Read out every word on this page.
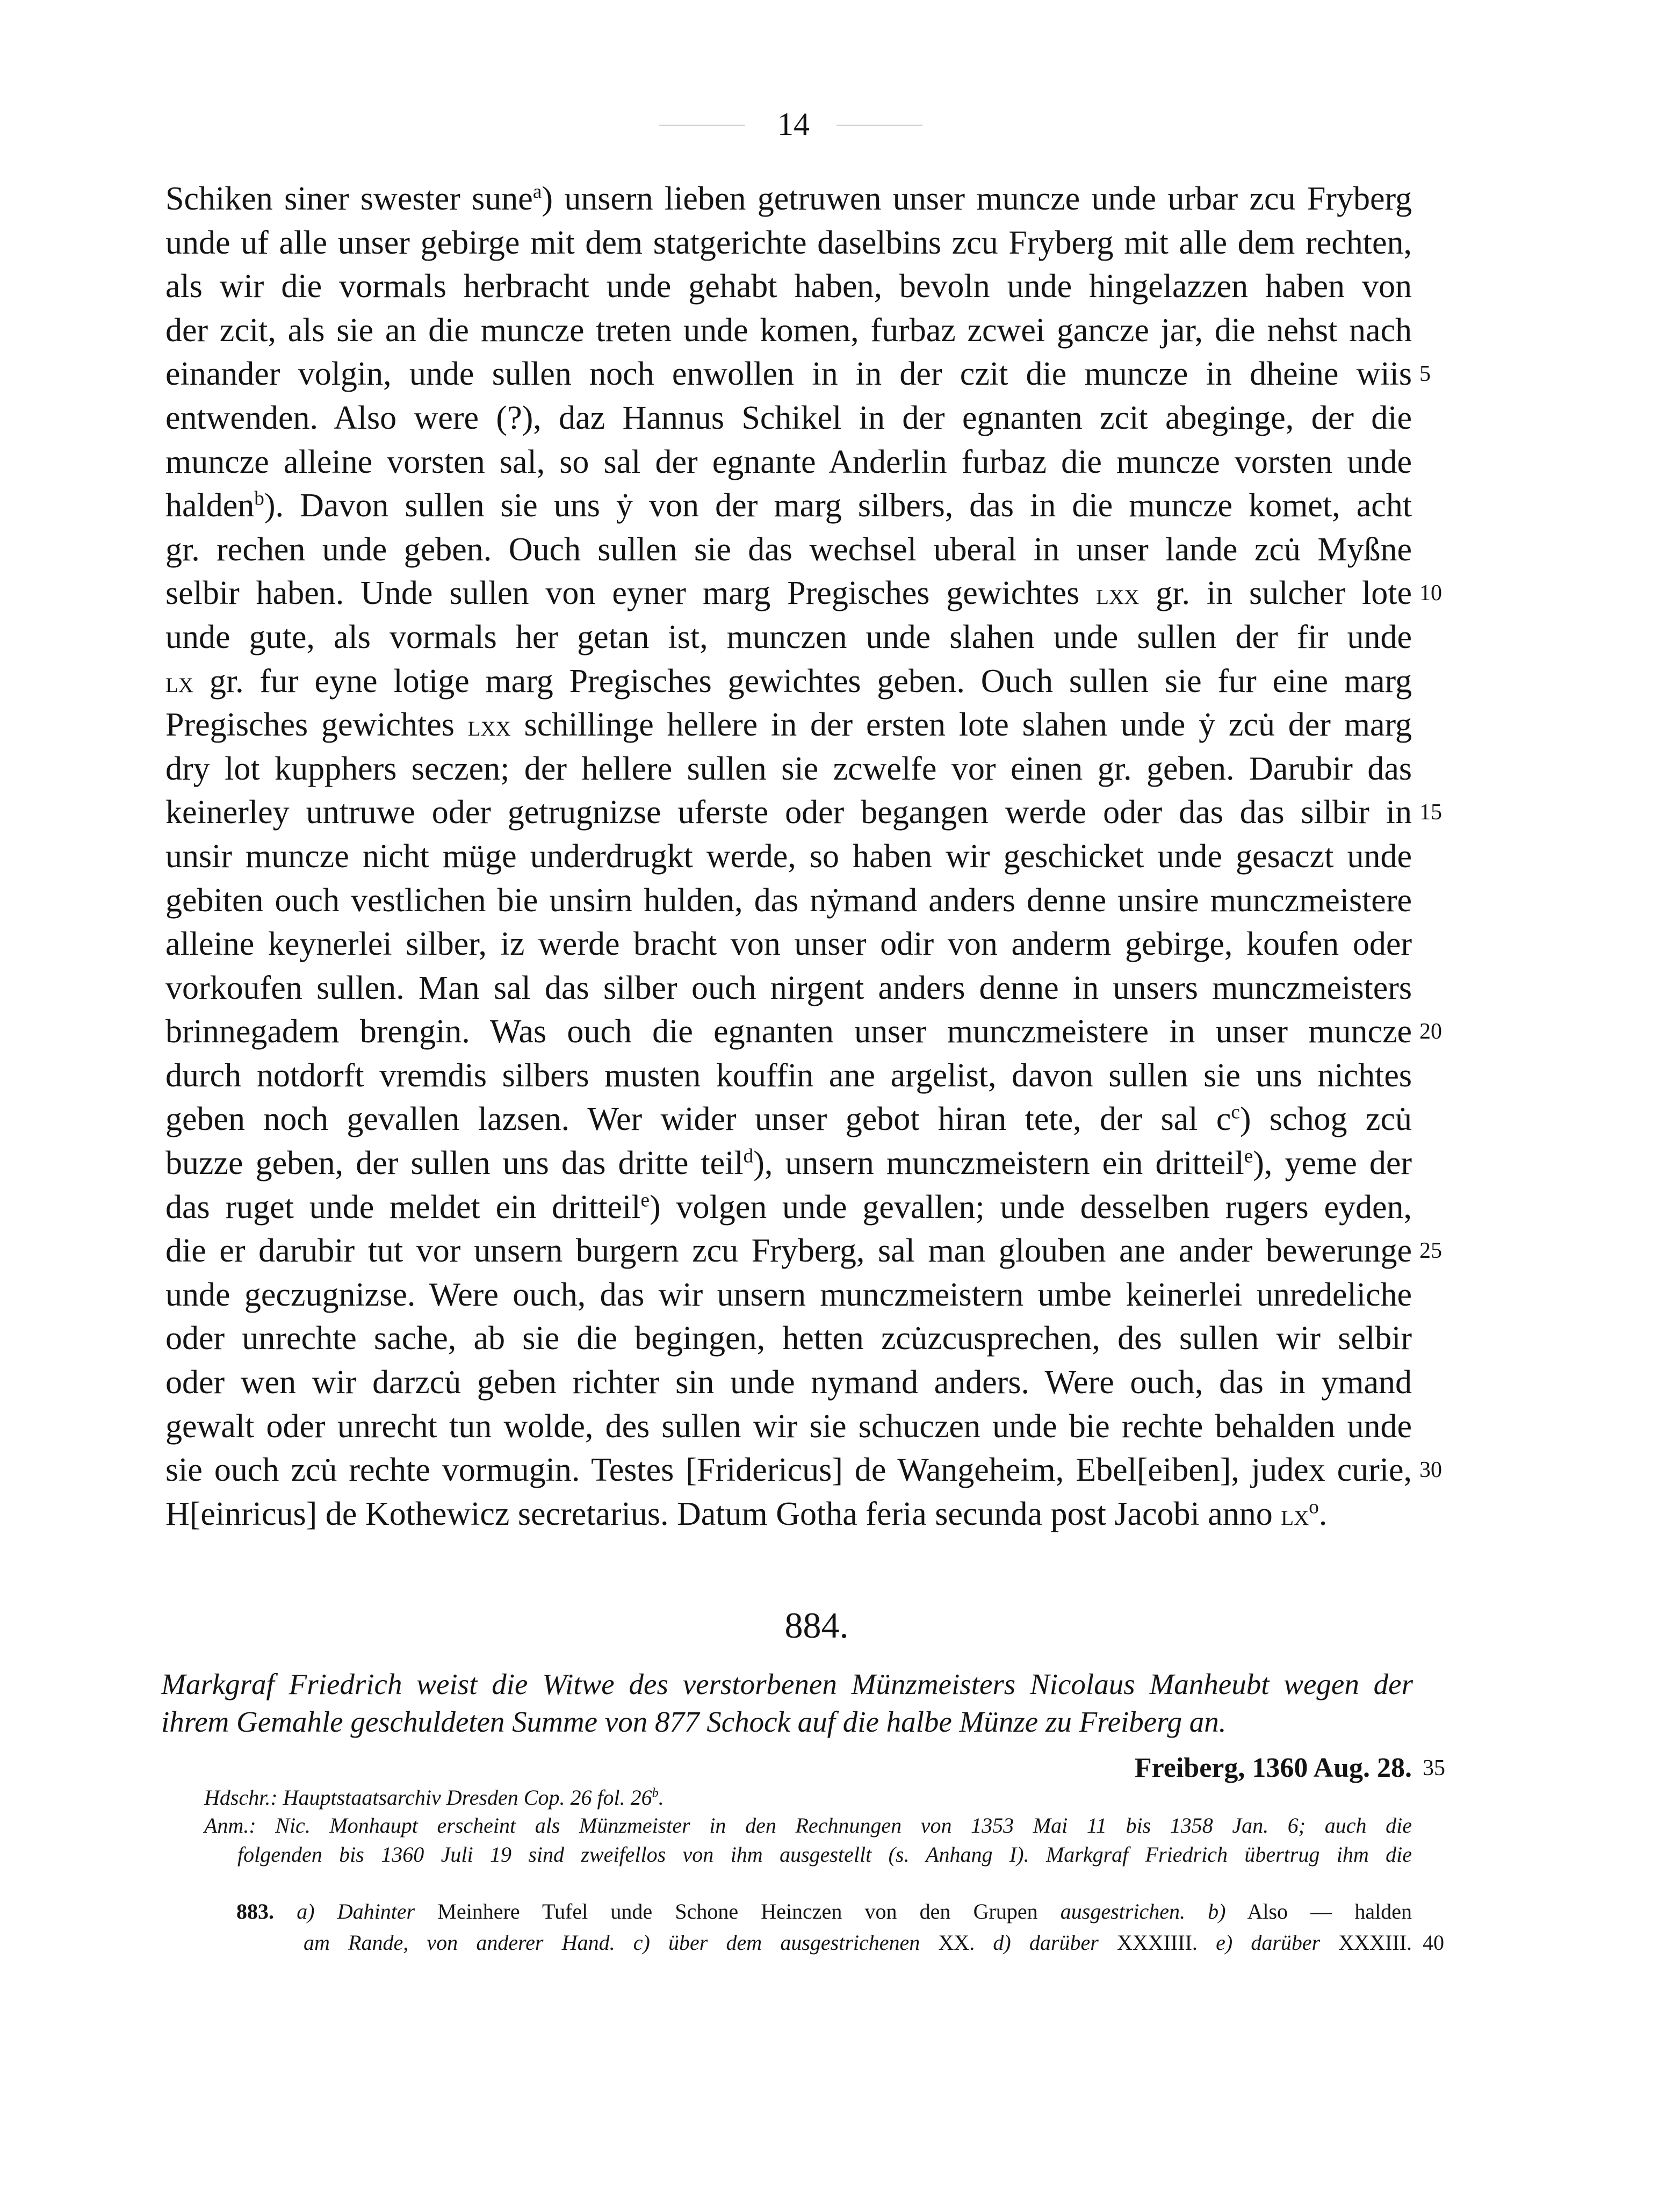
14
Schiken siner swester sune$^a$) unsern lieben getruwen unser muncze unde urbar zcu Fryberg
unde uf alle unser gebirge mit dem statgerichte daselbins zcu Fryberg mit alle dem rechten,
als wir die vormals herbracht unde gehabt haben, bevoln unde hingelazzen haben von
der zcit, als sie an die muncze treten unde komen, furbaz zcwei gancze jar, die nehst nach
einander volgin, unde sullen noch enwollen in in der czit die muncze in dheine wiis 5
entwenden. Also were (?), daz Hannus Schikel in der egnanten zcit abeginge, der die
muncze alleine vorsten sal, so sal der egnante Anderlin furbaz die muncze vorsten unde
halden$^b$). Davon sullen sie uns ẏ von der marg silbers, das in die muncze komet, acht
gr. rechen unde geben. Ouch sullen sie das wechsel uberal in unser lande zcu̇ Myßne
selbir haben. Unde sullen von eyner marg Pregisches gewichtes lxx gr. in sulcher lote 10
unde gute, als vormals her getan ist, munczen unde slahen unde sullen der fir unde
lx gr. fur eyne lotige marg Pregisches gewichtes geben. Ouch sullen sie fur eine marg
Pregisches gewichtes lxx schillinge hellere in der ersten lote slahen unde ẏ zcu̇ der marg
dry lot kupphers seczen; der hellere sullen sie zcwelfe vor einen gr. geben. Darubir das
keinerley untruwe oder getrugnizse uferste oder begangen werde oder das das silbir in 15
unsir muncze nicht müge underdrugkt werde, so haben wir geschicket unde gesaczt unde
gebiten ouch vestlichen bie unsirn hulden, das nẏmand anders denne unsire munczmeistere
alleine keynerlei silber, iz werde bracht von unser odir von anderm gebirge, koufen oder
vorkoufen sullen. Man sal das silber ouch nirgent anders denne in unsers munczmeisters
brinnegadem brengin. Was ouch die egnanten unser munczmeistere in unser muncze 20
durch notdorft vremdis silbers musten kouffin ane argelist, davon sullen sie uns nichtes
geben noch gevallen lazsen. Wer wider unser gebot hiran tete, der sal $c^c$) schog zcu̇
buzze geben, der sullen uns das dritte teil$^d$), unsern munczmeistern ein dritteil$^e$), yeme der
das ruget unde meldet ein dritteil$^e$) volgen unde gevallen; unde desselben rugers eyden,
die er darubir tut vor unsern burgern zcu Fryberg, sal man glouben ane ander bewerunge 25
unde geczugnizse. Were ouch, das wir unsern munczmeistern umbe keinerlei unredeliche
oder unrechte sache, ab sie die begingen, hetten zcu̇zcusprechen, des sullen wir selbir
oder wen wir darzcu̇ geben richter sin unde nymand anders. Were ouch, das in ymand
gewalt oder unrecht tun wolde, des sullen wir sie schuczen unde bie rechte behalden unde
sie ouch zcu̇ rechte vormugin. Testes [Fridericus] de Wangeheim, Ebel[eiben], judex curie, 30
H[einricus] de Kothewicz secretarius. Datum Gotha feria secunda post Jacobi anno $lx^o$.
884.
Markgraf Friedrich weist die Witwe des verstorbenen Münzmeisters Nicolaus Manheubt wegen der
ihrem Gemahle geschuldeten Summe von 877 Schock auf die halbe Münze zu Freiberg an.
Freiberg, 1360 Aug. 28. 35
Hdschr.: Hauptstaatsarchiv Dresden Cop. 26 fol. 26$^b$.
Anm.: Nic. Monhaupt erscheint als Münzmeister in den Rechnungen von 1353 Mai 11 bis 1358 Jan. 6; auch die
folgenden bis 1360 Juli 19 sind zweifellos von ihm ausgestellt (s. Anhang I). Markgraf Friedrich übertrug ihm die
883. a) Dahinter Meinhere Tufel unde Schone Heinczen von den Grupen ausgestrichen. b) Also — halden
am Rande, von anderer Hand. c) über dem ausgestrichenen XX. d) darüber XXXIIII. e) darüber XXXIII. 40
